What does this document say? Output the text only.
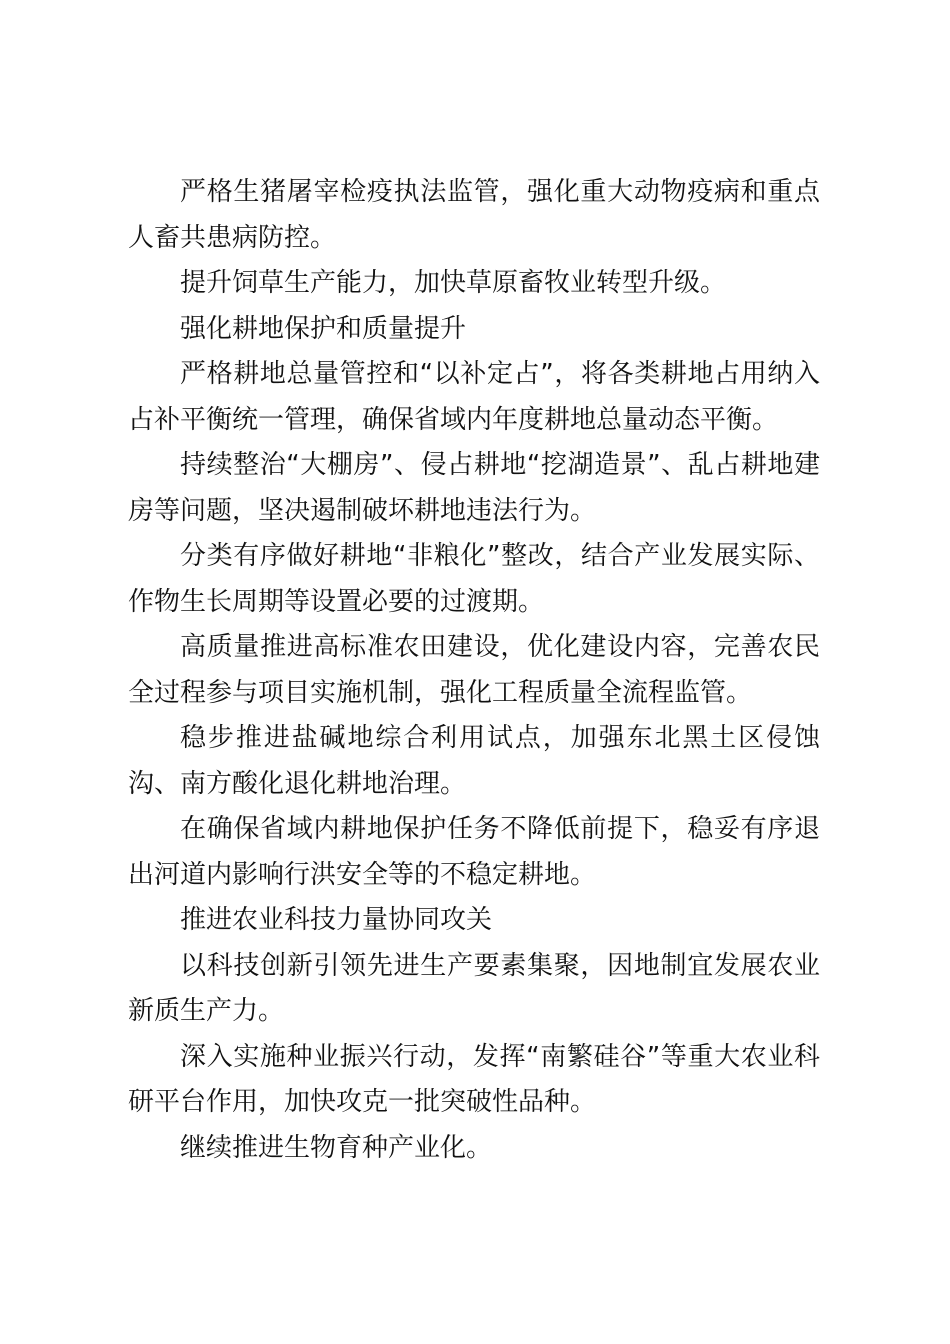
严格生猪屠宰检疫执法监管，强化重大动物疫病和重点人畜共患病防控。

提升饲草生产能力，加快草原畜牧业转型升级。

强化耕地保护和质量提升

严格耕地总量管控和“以补定占”，将各类耕地占用纳入占补平衡统一管理，确保省域内年度耕地总量动态平衡。

持续整治“大棚房”、侵占耕地“挖湖造景”、乱占耕地建房等问题，坚决遏制破坏耕地违法行为。

分类有序做好耕地“非粮化”整改，结合产业发展实际、作物生长周期等设置必要的过渡期。

高质量推进高标准农田建设，优化建设内容，完善农民全过程参与项目实施机制，强化工程质量全流程监管。

稳步推进盐碱地综合利用试点，加强东北黑土区侵蚀沟、南方酸化退化耕地治理。

在确保省域内耕地保护任务不降低前提下，稳妥有序退出河道内影响行洪安全等的不稳定耕地。

推进农业科技力量协同攻关

以科技创新引领先进生产要素集聚，因地制宜发展农业新质生产力。

深入实施种业振兴行动，发挥“南繁硅谷”等重大农业科研平台作用，加快攻克一批突破性品种。

继续推进生物育种产业化。
